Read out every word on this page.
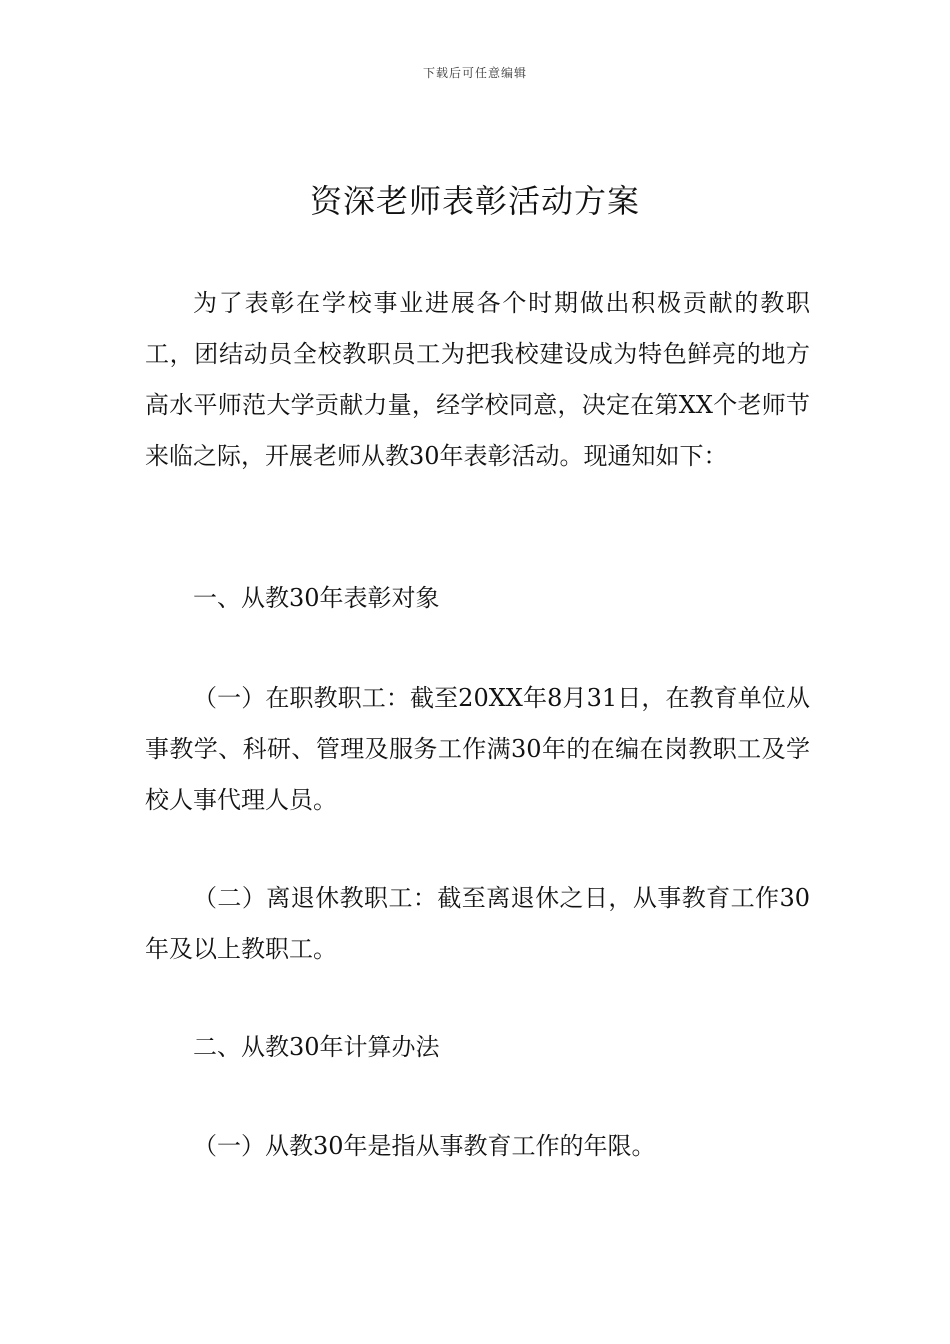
下载后可任意编辑
资深老师表彰活动方案

为了表彰在学校事业进展各个时期做出积极贡献的教职工，团结动员全校教职员工为把我校建设成为特色鲜亮的地方高水平师范大学贡献力量，经学校同意，决定在第XX个老师节来临之际，开展老师从教30年表彰活动。现通知如下：

一、从教30年表彰对象

（一）在职教职工：截至20XX年8月31日，在教育单位从事教学、科研、管理及服务工作满30年的在编在岗教职工及学校人事代理人员。

（二）离退休教职工：截至离退休之日，从事教育工作30年及以上教职工。

二、从教30年计算办法

（一）从教30年是指从事教育工作的年限。
